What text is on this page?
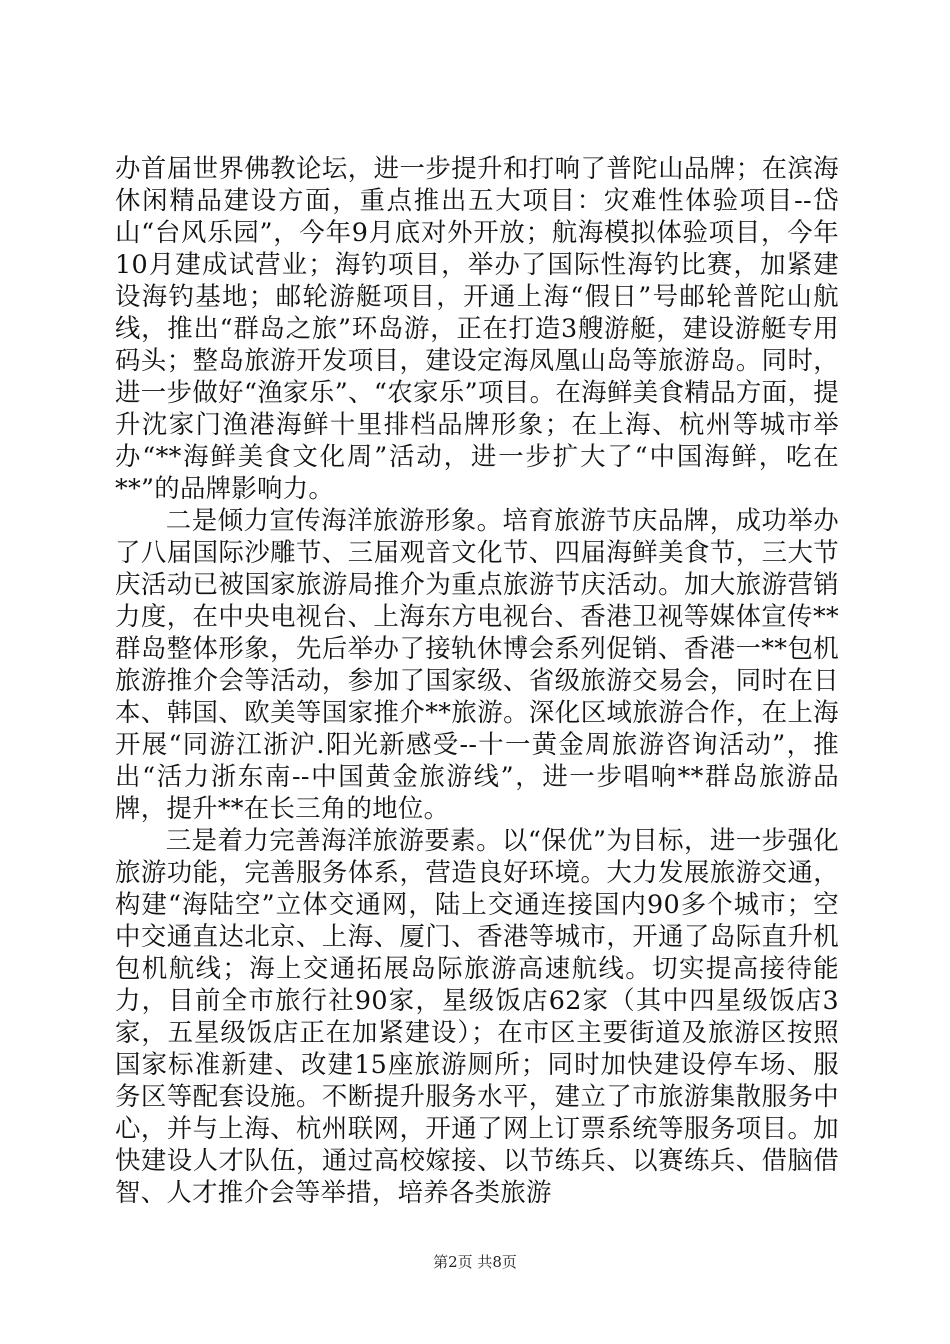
办首届世界佛教论坛，进一步提升和打响了普陀山品牌；在滨海休闲精品建设方面，重点推出五大项目：灾难性体验项目--岱山“台风乐园”，今年9月底对外开放；航海模拟体验项目，今年10月建成试营业；海钓项目，举办了国际性海钓比赛，加紧建设海钓基地；邮轮游艇项目，开通上海“假日”号邮轮普陀山航线，推出“群岛之旅”环岛游，正在打造3艘游艇，建设游艇专用码头；整岛旅游开发项目，建设定海凤凰山岛等旅游岛。同时，进一步做好“渔家乐”、“农家乐”项目。在海鲜美食精品方面，提升沈家门渔港海鲜十里排档品牌形象；在上海、杭州等城市举办“**海鲜美食文化周”活动，进一步扩大了“中国海鲜，吃在**”的品牌影响力。

二是倾力宣传海洋旅游形象。培育旅游节庆品牌，成功举办了八届国际沙雕节、三届观音文化节、四届海鲜美食节，三大节庆活动已被国家旅游局推介为重点旅游节庆活动。加大旅游营销力度，在中央电视台、上海东方电视台、香港卫视等媒体宣传**群岛整体形象，先后举办了接轨休博会系列促销、香港一**包机旅游推介会等活动，参加了国家级、省级旅游交易会，同时在日本、韩国、欧美等国家推介**旅游。深化区域旅游合作，在上海开展“同游江浙沪.阳光新感受--十一黄金周旅游咨询活动”，推出“活力浙东南--中国黄金旅游线”，进一步唱响**群岛旅游品牌，提升**在长三角的地位。

三是着力完善海洋旅游要素。以“保优”为目标，进一步强化旅游功能，完善服务体系，营造良好环境。大力发展旅游交通，构建“海陆空”立体交通网，陆上交通连接国内90多个城市；空中交通直达北京、上海、厦门、香港等城市，开通了岛际直升机包机航线；海上交通拓展岛际旅游高速航线。切实提高接待能力，目前全市旅行社90家，星级饭店62家（其中四星级饭店3家，五星级饭店正在加紧建设）；在市区主要街道及旅游区按照国家标准新建、改建15座旅游厕所；同时加快建设停车场、服务区等配套设施。不断提升服务水平，建立了市旅游集散服务中心，并与上海、杭州联网，开通了网上订票系统等服务项目。加快建设人才队伍，通过高校嫁接、以节练兵、以赛练兵、借脑借智、人才推介会等举措，培养各类旅游

第2页 共8页
